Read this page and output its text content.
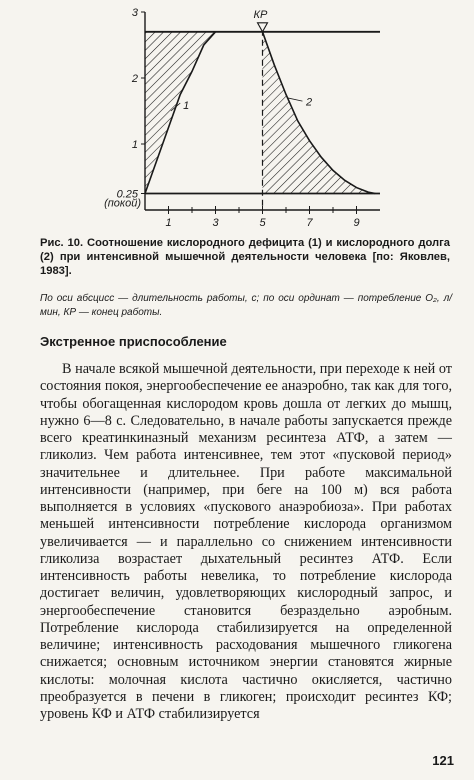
КР
1	2
1	3	5	7	9
3
2
1
0.25
(покой)
Рис. 10. Соотношение кислородного дефицита (1) и кислородного долга (2) при интенсивной мышечной деятельности человека [по: Яковлев, 1983].
По оси абсцисс — длительность работы, с; по оси ординат — потребление O₂, л/мин, КР — конец работы.
Экстренное приспособление

В начале всякой мышечной деятельности, при переходе к ней от состояния покоя, энергообеспечение ее анаэробно, так как для того, чтобы обогащенная кислородом кровь дошла от легких до мышц, нужно 6—8 с. Следовательно, в начале работы запускается прежде всего креатинкиназный механизм ресинтеза АТФ, а затем — гликолиз. Чем работа интенсивнее, тем этот «пусковой период» значительнее и длительнее. При работе максимальной интенсивности (например, при беге на 100 м) вся работа выполняется в условиях «пускового анаэробиоза». При работах меньшей интенсивности потребление кислорода организмом увеличивается — и параллельно со снижением интенсивности гликолиза возрастает дыхательный ресинтез АТФ. Если интенсивность работы невелика, то потребление кислорода достигает величин, удовлетворяющих кислородный запрос, и энергообеспечение становится безраздельно аэробным. Потребление кислорода стабилизируется на определенной величине; интенсивность расходования мышечного гликогена снижается; основным источником энергии становятся жирные кислоты: молочная кислота частично окисляется, частично преобразуется в печени в гликоген; происходит ресинтез КФ; уровень КФ и АТФ стабилизируется

121
